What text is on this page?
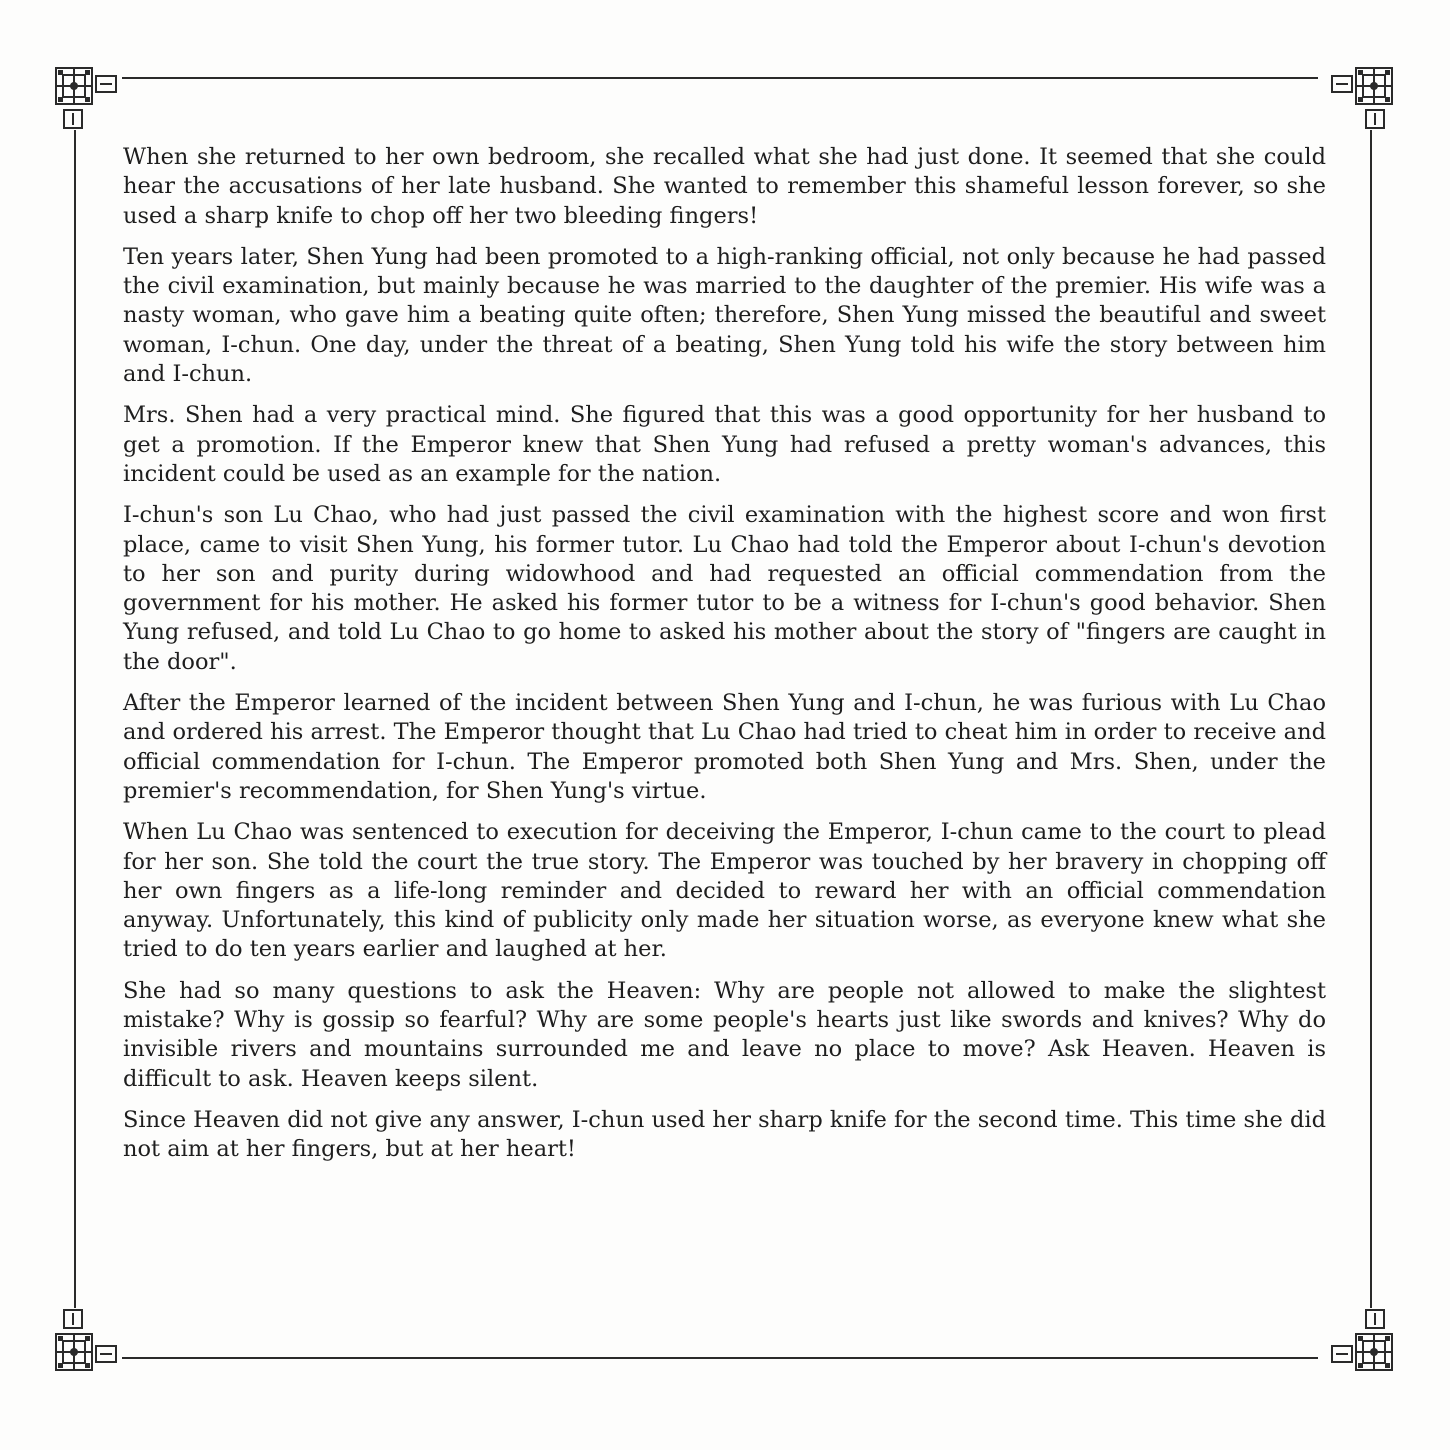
When she returned to her own bedroom, she recalled what she had just done. It seemed that she could hear the accusations of her late husband. She wanted to remember this shameful lesson forever, so she used a sharp knife to chop off her two bleeding fingers!

Ten years later, Shen Yung had been promoted to a high-ranking official, not only because he had passed the civil examination, but mainly because he was married to the daughter of the premier. His wife was a nasty woman, who gave him a beating quite often; therefore, Shen Yung missed the beautiful and sweet woman, I-chun. One day, under the threat of a beating, Shen Yung told his wife the story between him and I-chun.

Mrs. Shen had a very practical mind. She figured that this was a good opportunity for her husband to get a promotion. If the Emperor knew that Shen Yung had refused a pretty woman's advances, this incident could be used as an example for the nation.

I-chun's son Lu Chao, who had just passed the civil examination with the highest score and won first place, came to visit Shen Yung, his former tutor. Lu Chao had told the Emperor about I-chun's devotion to her son and purity during widowhood and had requested an official commendation from the government for his mother. He asked his former tutor to be a witness for I-chun's good behavior. Shen Yung refused, and told Lu Chao to go home to asked his mother about the story of "fingers are caught in the door".

After the Emperor learned of the incident between Shen Yung and I-chun, he was furious with Lu Chao and ordered his arrest. The Emperor thought that Lu Chao had tried to cheat him in order to receive and official commendation for I-chun. The Emperor promoted both Shen Yung and Mrs. Shen, under the premier's recommendation, for Shen Yung's virtue.

When Lu Chao was sentenced to execution for deceiving the Emperor, I-chun came to the court to plead for her son. She told the court the true story. The Emperor was touched by her bravery in chopping off her own fingers as a life-long reminder and decided to reward her with an official commendation anyway. Unfortunately, this kind of publicity only made her situation worse, as everyone knew what she tried to do ten years earlier and laughed at her.

She had so many questions to ask the Heaven: Why are people not allowed to make the slightest mistake? Why is gossip so fearful? Why are some people's hearts just like swords and knives? Why do invisible rivers and mountains surrounded me and leave no place to move? Ask Heaven. Heaven is difficult to ask. Heaven keeps silent.

Since Heaven did not give any answer, I-chun used her sharp knife for the second time. This time she did not aim at her fingers, but at her heart!
